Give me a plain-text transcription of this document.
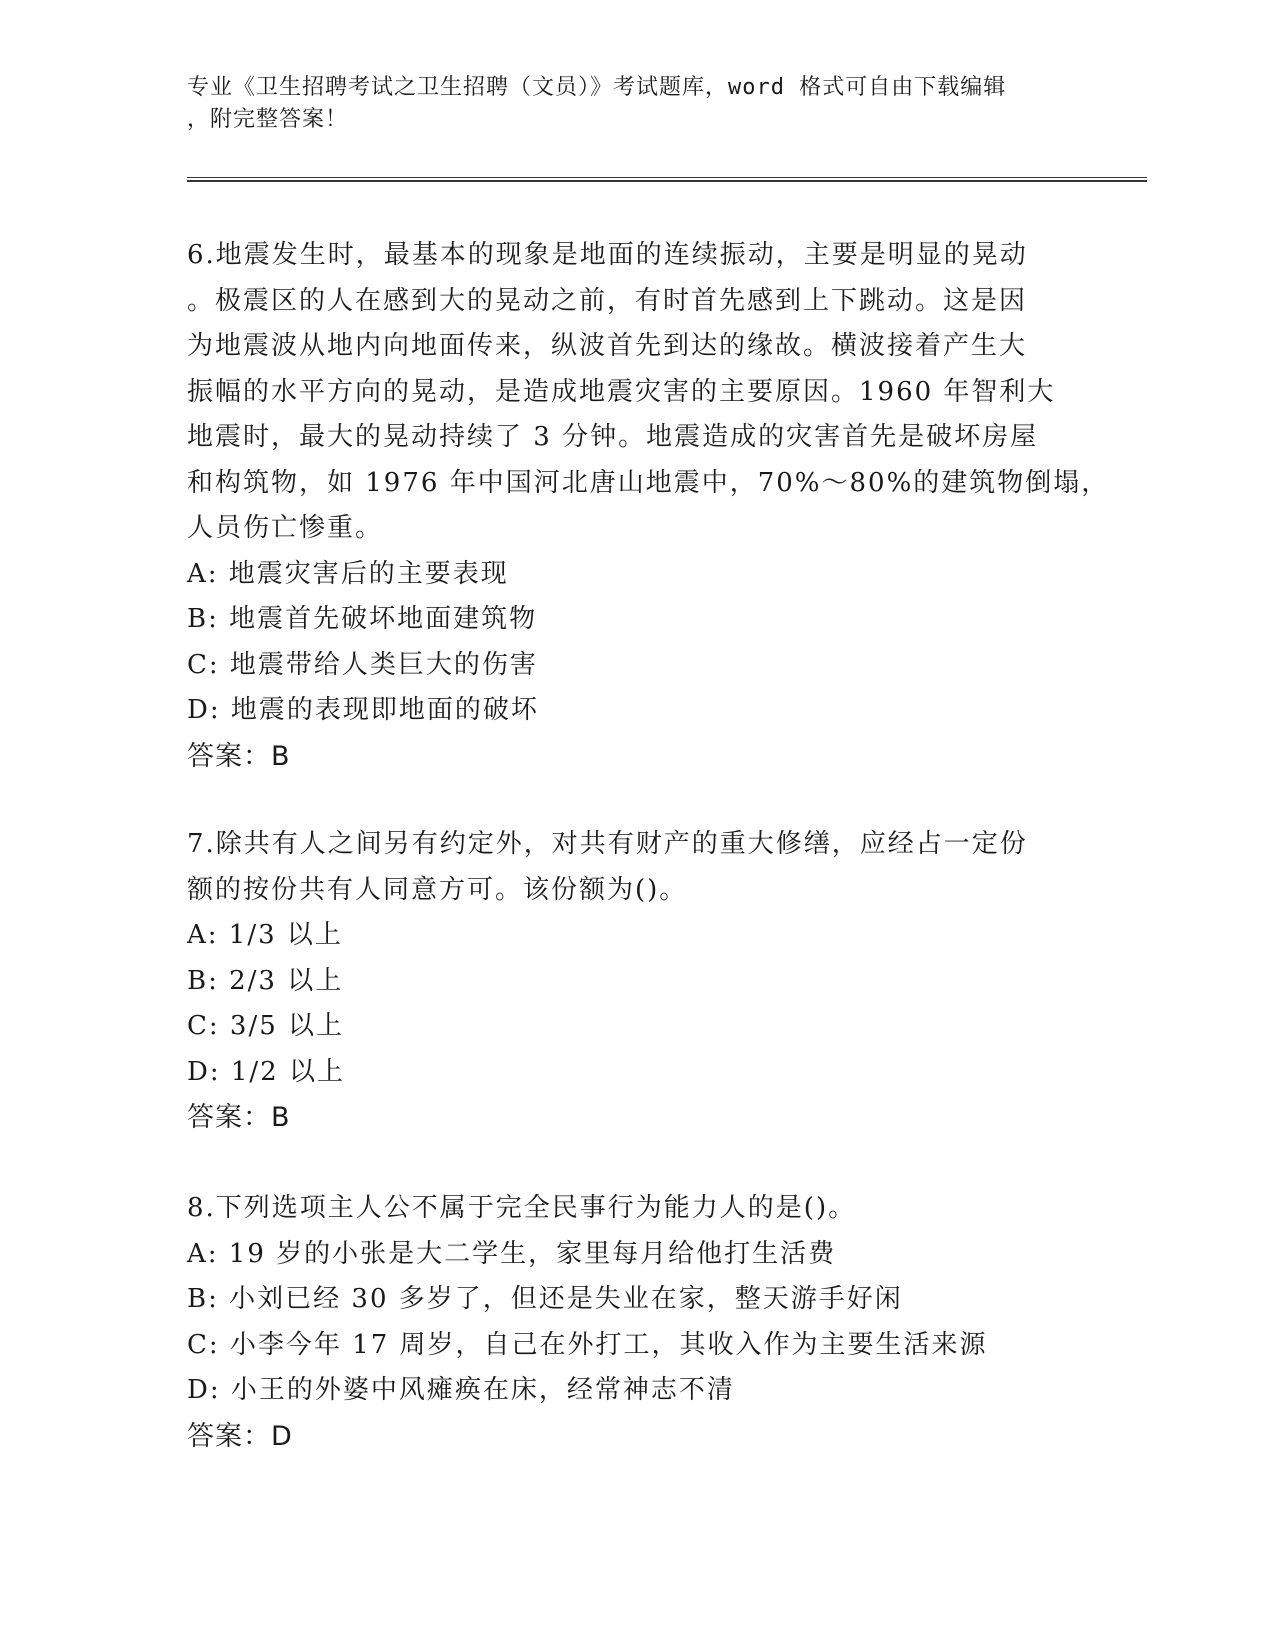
专业《卫生招聘考试之卫生招聘（文员）》考试题库，word 格式可自由下载编辑
，附完整答案！
6.地震发生时，最基本的现象是地面的连续振动，主要是明显的晃动
。极震区的人在感到大的晃动之前，有时首先感到上下跳动。这是因
为地震波从地内向地面传来，纵波首先到达的缘故。横波接着产生大
振幅的水平方向的晃动，是造成地震灾害的主要原因。1960 年智利大
地震时，最大的晃动持续了 3 分钟。地震造成的灾害首先是破坏房屋
和构筑物，如 1976 年中国河北唐山地震中，70%～80%的建筑物倒塌，
人员伤亡惨重。
A: 地震灾害后的主要表现
B: 地震首先破坏地面建筑物
C: 地震带给人类巨大的伤害
D: 地震的表现即地面的破坏
答案：B
7.除共有人之间另有约定外，对共有财产的重大修缮，应经占一定份
额的按份共有人同意方可。该份额为()。
A: 1/3 以上
B: 2/3 以上
C: 3/5 以上
D: 1/2 以上
答案：B
8.下列选项主人公不属于完全民事行为能力人的是()。
A: 19 岁的小张是大二学生，家里每月给他打生活费
B: 小刘已经 30 多岁了，但还是失业在家，整天游手好闲
C: 小李今年 17 周岁，自己在外打工，其收入作为主要生活来源
D: 小王的外婆中风瘫痪在床，经常神志不清
答案：D
